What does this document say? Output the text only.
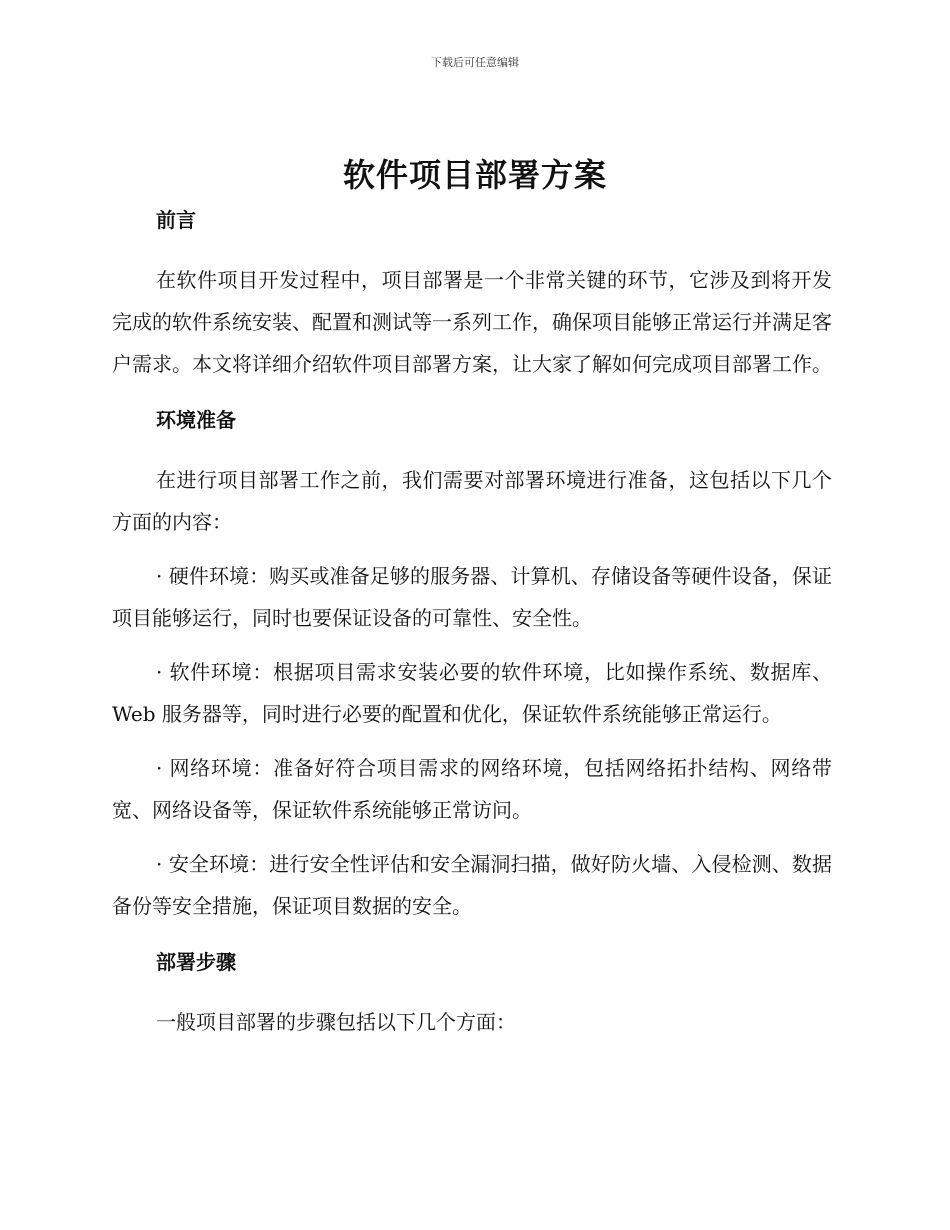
下载后可任意编辑
软件项目部署方案
前言

在软件项目开发过程中，项目部署是一个非常关键的环节，它涉及到将开发完成的软件系统安装、配置和测试等一系列工作，确保项目能够正常运行并满足客户需求。本文将详细介绍软件项目部署方案，让大家了解如何完成项目部署工作。

环境准备

在进行项目部署工作之前，我们需要对部署环境进行准备，这包括以下几个方面的内容：

· 硬件环境：购买或准备足够的服务器、计算机、存储设备等硬件设备，保证项目能够运行，同时也要保证设备的可靠性、安全性。

· 软件环境：根据项目需求安装必要的软件环境，比如操作系统、数据库、Web 服务器等，同时进行必要的配置和优化，保证软件系统能够正常运行。

· 网络环境：准备好符合项目需求的网络环境，包括网络拓扑结构、网络带宽、网络设备等，保证软件系统能够正常访问。

· 安全环境：进行安全性评估和安全漏洞扫描，做好防火墙、入侵检测、数据备份等安全措施，保证项目数据的安全。

部署步骤

一般项目部署的步骤包括以下几个方面：
